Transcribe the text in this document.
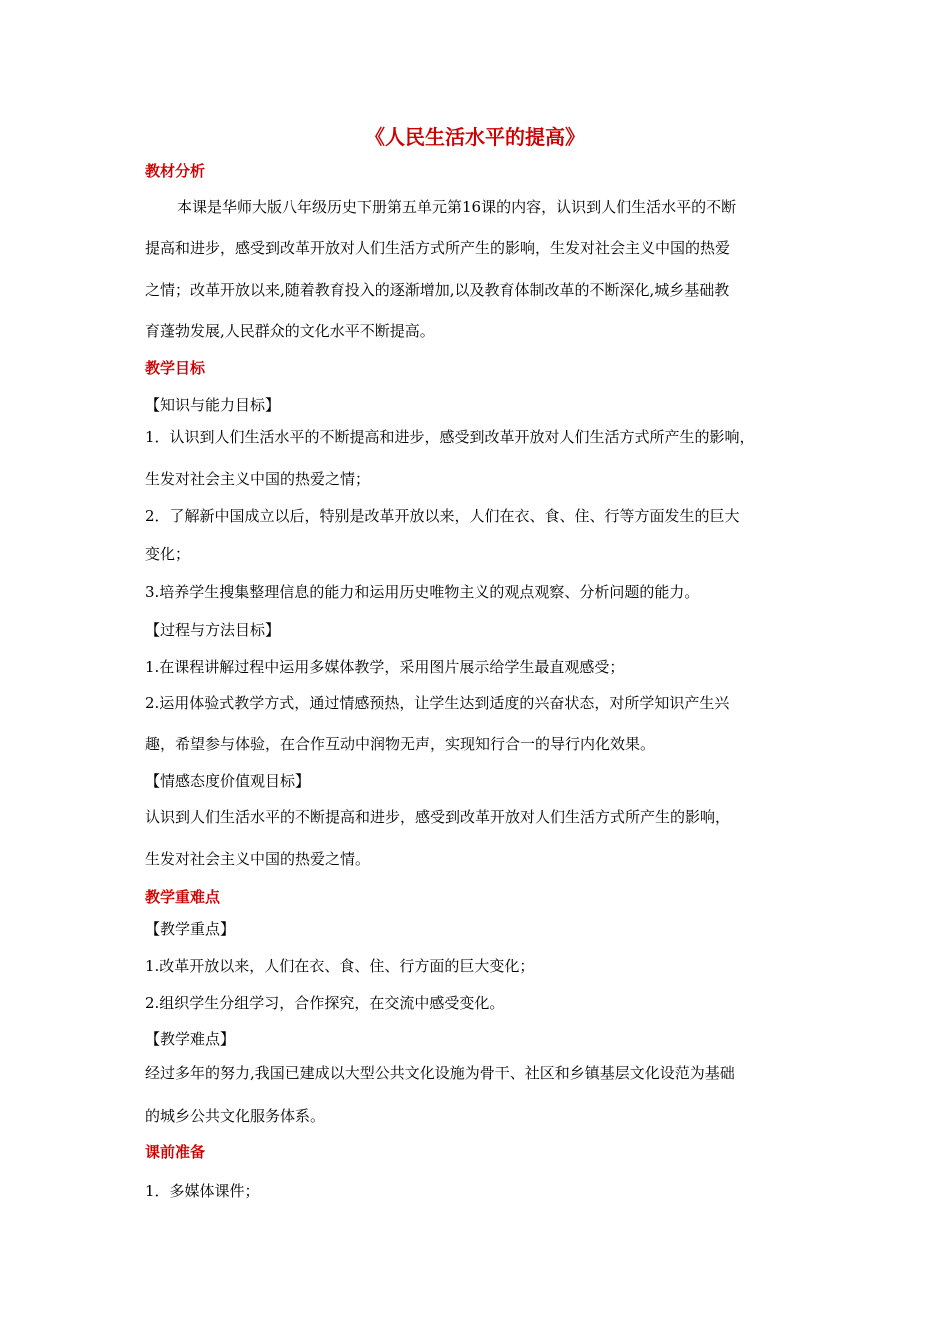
《人民生活水平的提高》
教材分析
本课是华师大版八年级历史下册第五单元第16课的内容，认识到人们生活水平的不断
提高和进步，感受到改革开放对人们生活方式所产生的影响，生发对社会主义中国的热爱
之情；改革开放以来,随着教育投入的逐渐增加,以及教育体制改革的不断深化,城乡基础教
育蓬勃发展,人民群众的文化水平不断提高。
教学目标
【知识与能力目标】
1．认识到人们生活水平的不断提高和进步，感受到改革开放对人们生活方式所产生的影响，
生发对社会主义中国的热爱之情；
2．了解新中国成立以后，特别是改革开放以来，人们在衣、食、住、行等方面发生的巨大
变化；
3.培养学生搜集整理信息的能力和运用历史唯物主义的观点观察、分析问题的能力。
【过程与方法目标】
1.在课程讲解过程中运用多媒体教学，采用图片展示给学生最直观感受；
2.运用体验式教学方式，通过情感预热，让学生达到适度的兴奋状态，对所学知识产生兴
趣，希望参与体验，在合作互动中润物无声，实现知行合一的导行内化效果。
【情感态度价值观目标】
认识到人们生活水平的不断提高和进步，感受到改革开放对人们生活方式所产生的影响，
生发对社会主义中国的热爱之情。
教学重难点
【教学重点】
1.改革开放以来，人们在衣、食、住、行方面的巨大变化；
2.组织学生分组学习，合作探究，在交流中感受变化。
【教学难点】
经过多年的努力,我国已建成以大型公共文化设施为骨干、社区和乡镇基层文化设范为基础
的城乡公共文化服务体系。
课前准备
1．多媒体课件；
